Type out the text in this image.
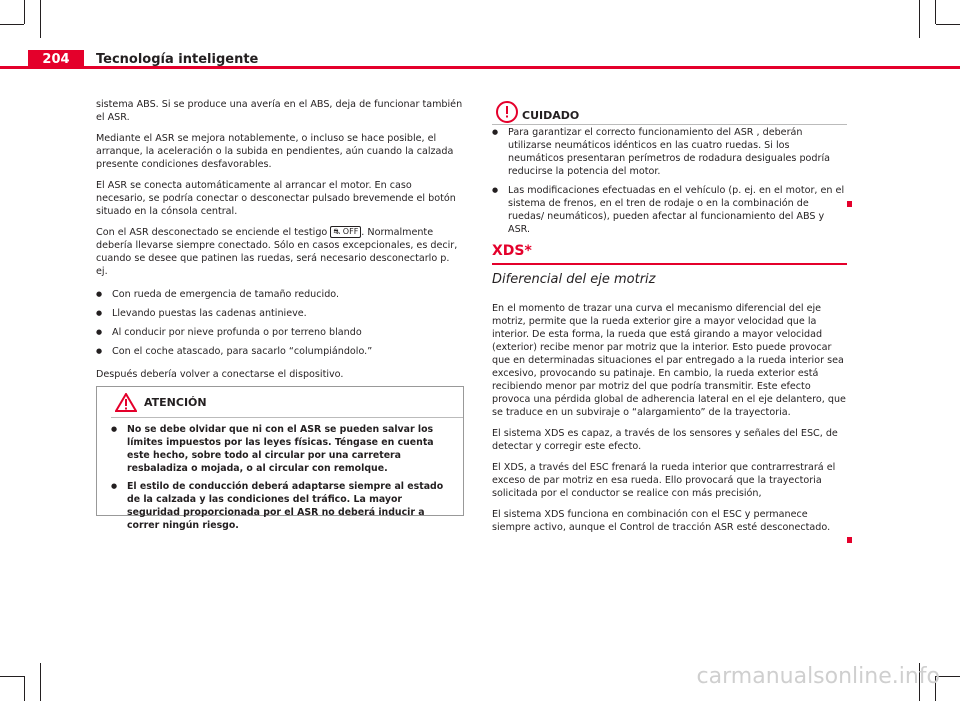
204	Tecnología inteligente

sistema ABS. Si se produce una avería en el ABS, deja de funcionar también el ASR.

Mediante el ASR se mejora notablemente, o incluso se hace posible, el arranque, la aceleración o la subida en pendientes, aún cuando la calzada presente condiciones desfavorables.

El ASR se conecta automáticamente al arrancar el motor. En caso necesario, se podría conectar o desconectar pulsado brevemende el botón situado en la cónsola central.

Con el ASR desconectado se enciende el testigo ⛐ OFF . Normalmente debería llevarse siempre conectado. Sólo en casos excepcionales, es decir, cuando se desee que patinen las ruedas, será necesario desconectarlo p. ej.

● Con rueda de emergencia de tamaño reducido.
● Llevando puestas las cadenas antinieve.
● Al conducir por nieve profunda o por terreno blando
● Con el coche atascado, para sacarlo “columpiándolo.”

Después debería volver a conectarse el dispositivo.

ATENCIÓN
● No se debe olvidar que ni con el ASR se pueden salvar los límites impuestos por las leyes físicas. Téngase en cuenta este hecho, sobre todo al circular por una carretera resbaladiza o mojada, o al circular con remolque.
● El estilo de conducción deberá adaptarse siempre al estado de la calzada y las condiciones del tráfico. La mayor seguridad proporcionada por el ASR no deberá inducir a correr ningún riesgo.
CUIDADO
● Para garantizar el correcto funcionamiento del ASR , deberán utilizarse neumáticos idénticos en las cuatro ruedas. Si los neumáticos presentaran perímetros de rodadura desiguales podría reducirse la potencia del motor.
● Las modificaciones efectuadas en el vehículo (p. ej. en el motor, en el sistema de frenos, en el tren de rodaje o en la combinación de ruedas/ neumáticos), pueden afectar al funcionamiento del ABS y ASR.
XDS*
Diferencial del eje motriz

En el momento de trazar una curva el mecanismo diferencial del eje motriz, permite que la rueda exterior gire a mayor velocidad que la interior. De esta forma, la rueda que está girando a mayor velocidad (exterior) recibe menor par motriz que la interior. Esto puede provocar que en determinadas situaciones el par entregado a la rueda interior sea excesivo, provocando su patinaje. En cambio, la rueda exterior está recibiendo menor par motriz del que podría transmitir. Este efecto provoca una pérdida global de adherencia lateral en el eje delantero, que se traduce en un subviraje o “alargamiento” de la trayectoria.

El sistema XDS es capaz, a través de los sensores y señales del ESC, de detectar y corregir este efecto.

El XDS, a través del ESC frenará la rueda interior que contrarrestrará el exceso de par motriz en esa rueda. Ello provocará que la trayectoria solicitada por el conductor se realice con más precisión,

El sistema XDS funciona en combinación con el ESC y permanece siempre activo, aunque el Control de tracción ASR esté desconectado.

carmanualsonline.info
